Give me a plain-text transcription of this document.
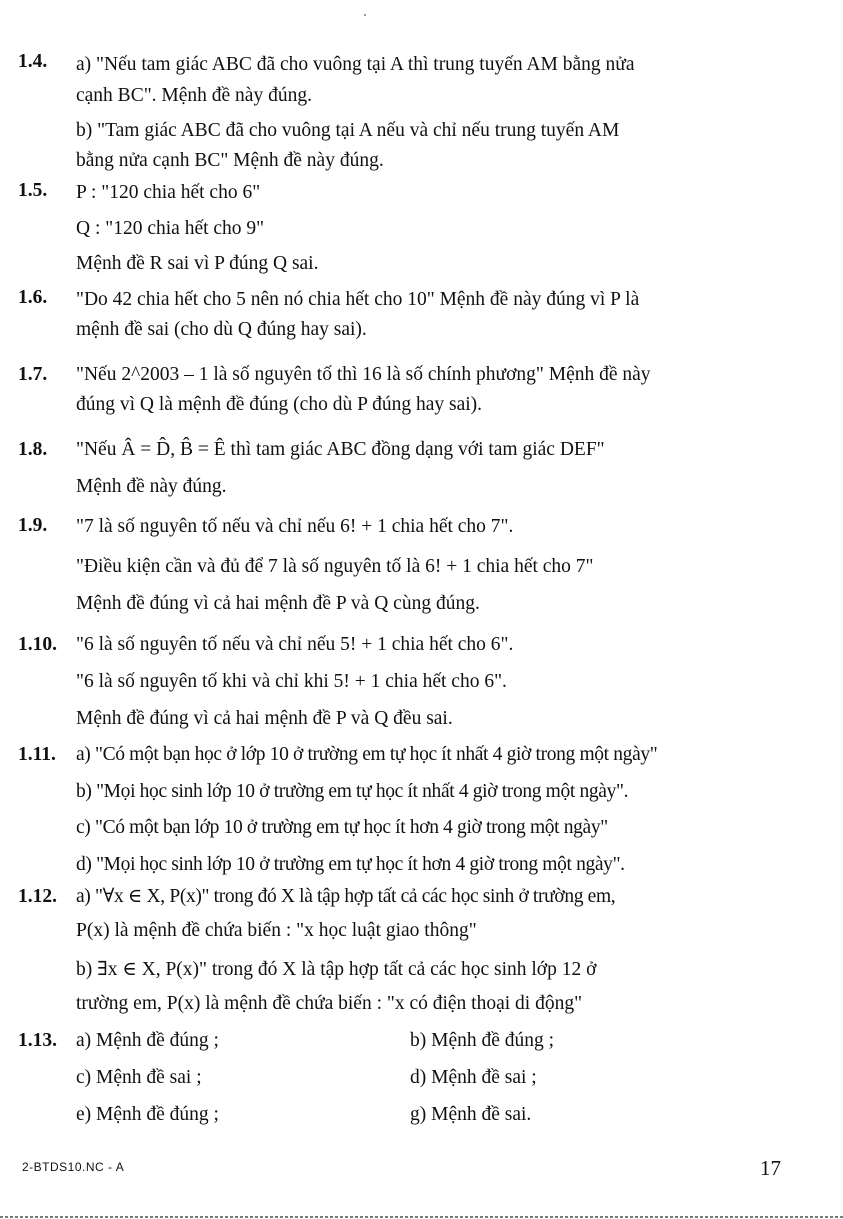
1.4. a) "Nếu tam giác ABC đã cho vuông tại A thì trung tuyến AM bằng nửa
cạnh BC". Mệnh đề này đúng.
b) "Tam giác ABC đã cho vuông tại A nếu và chỉ nếu trung tuyến AM
bằng nửa cạnh BC" Mệnh đề này đúng.
1.5. P : "120 chia hết cho 6"
Q : "120 chia hết cho 9"
Mệnh đề R sai vì P đúng Q sai.
1.6. "Do 42 chia hết cho 5 nên nó chia hết cho 10" Mệnh đề này đúng vì P là
mệnh đề sai (cho dù Q đúng hay sai).
1.7. "Nếu 2^2003 – 1 là số nguyên tố thì 16 là số chính phương" Mệnh đề này
đúng vì Q là mệnh đề đúng (cho dù P đúng hay sai).
1.8. "Nếu Â = D̂, B̂ = Ê thì tam giác ABC đồng dạng với tam giác DEF"
Mệnh đề này đúng.
1.9. "7 là số nguyên tố nếu và chỉ nếu 6! + 1 chia hết cho 7".
"Điều kiện cần và đủ để 7 là số nguyên tố là 6! + 1 chia hết cho 7"
Mệnh đề đúng vì cả hai mệnh đề P và Q cùng đúng.
1.10. "6 là số nguyên tố nếu và chỉ nếu 5! + 1 chia hết cho 6".
"6 là số nguyên tố khi và chỉ khi 5! + 1 chia hết cho 6".
Mệnh đề đúng vì cả hai mệnh đề P và Q đều sai.
1.11. a) "Có một bạn học ở lớp 10 ở trường em tự học ít nhất 4 giờ trong một ngày"
b) "Mọi học sinh lớp 10 ở trường em tự học ít nhất 4 giờ trong một ngày".
c) "Có một bạn lớp 10 ở trường em tự học ít hơn 4 giờ trong một ngày"
d) "Mọi học sinh lớp 10 ở trường em tự học ít hơn 4 giờ trong một ngày".
1.12. a) "∀x ∈ X, P(x)" trong đó X là tập hợp tất cả các học sinh ở trường em,
P(x) là mệnh đề chứa biến : "x học luật giao thông"
b) ∃x ∈ X, P(x)" trong đó X là tập hợp tất cả các học sinh lớp 12 ở
trường em, P(x) là mệnh đề chứa biến : "x có điện thoại di động"
1.13. a) Mệnh đề đúng ;	b) Mệnh đề đúng ;
c) Mệnh đề sai ;	d) Mệnh đề sai ;
e) Mệnh đề đúng ;	g) Mệnh đề sai.
2-BTDS10.NC - A	17
